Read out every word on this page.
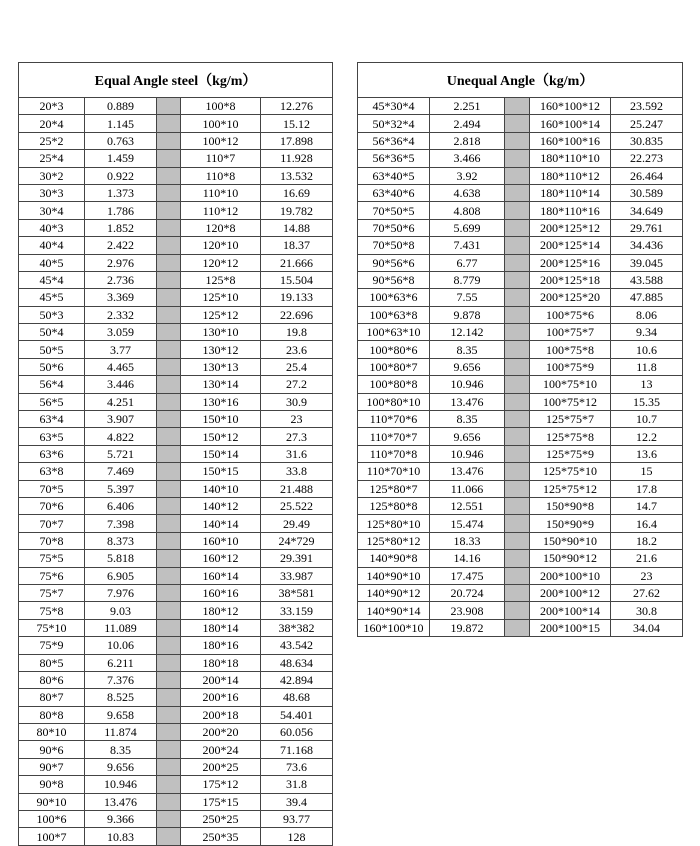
Equal Angle steel（kg/m）				
20*3	0.889		100*8	12.276
20*4	1.145		100*10	15.12
25*2	0.763		100*12	17.898
25*4	1.459		110*7	11.928
30*2	0.922		110*8	13.532
30*3	1.373		110*10	16.69
30*4	1.786		110*12	19.782
40*3	1.852		120*8	14.88
40*4	2.422		120*10	18.37
40*5	2.976		120*12	21.666
45*4	2.736		125*8	15.504
45*5	3.369		125*10	19.133
50*3	2.332		125*12	22.696
50*4	3.059		130*10	19.8
50*5	3.77		130*12	23.6
50*6	4.465		130*13	25.4
56*4	3.446		130*14	27.2
56*5	4.251		130*16	30.9
63*4	3.907		150*10	23
63*5	4.822		150*12	27.3
63*6	5.721		150*14	31.6
63*8	7.469		150*15	33.8
70*5	5.397		140*10	21.488
70*6	6.406		140*12	25.522
70*7	7.398		140*14	29.49
70*8	8.373		160*10	24*729
75*5	5.818		160*12	29.391
75*6	6.905		160*14	33.987
75*7	7.976		160*16	38*581
75*8	9.03		180*12	33.159
75*10	11.089		180*14	38*382
75*9	10.06		180*16	43.542
80*5	6.211		180*18	48.634
80*6	7.376		200*14	42.894
80*7	8.525		200*16	48.68
80*8	9.658		200*18	54.401
80*10	11.874		200*20	60.056
90*6	8.35		200*24	71.168
90*7	9.656		200*25	73.6
90*8	10.946		175*12	31.8
90*10	13.476		175*15	39.4
100*6	9.366		250*25	93.77
100*7	10.83		250*35	128
Unequal Angle（kg/m）				
45*30*4	2.251		160*100*12	23.592
50*32*4	2.494		160*100*14	25.247
56*36*4	2.818		160*100*16	30.835
56*36*5	3.466		180*110*10	22.273
63*40*5	3.92		180*110*12	26.464
63*40*6	4.638		180*110*14	30.589
70*50*5	4.808		180*110*16	34.649
70*50*6	5.699		200*125*12	29.761
70*50*8	7.431		200*125*14	34.436
90*56*6	6.77		200*125*16	39.045
90*56*8	8.779		200*125*18	43.588
100*63*6	7.55		200*125*20	47.885
100*63*8	9.878		100*75*6	8.06
100*63*10	12.142		100*75*7	9.34
100*80*6	8.35		100*75*8	10.6
100*80*7	9.656		100*75*9	11.8
100*80*8	10.946		100*75*10	13
100*80*10	13.476		100*75*12	15.35
110*70*6	8.35		125*75*7	10.7
110*70*7	9.656		125*75*8	12.2
110*70*8	10.946		125*75*9	13.6
110*70*10	13.476		125*75*10	15
125*80*7	11.066		125*75*12	17.8
125*80*8	12.551		150*90*8	14.7
125*80*10	15.474		150*90*9	16.4
125*80*12	18.33		150*90*10	18.2
140*90*8	14.16		150*90*12	21.6
140*90*10	17.475		200*100*10	23
140*90*12	20.724		200*100*12	27.62
140*90*14	23.908		200*100*14	30.8
160*100*10	19.872		200*100*15	34.04
